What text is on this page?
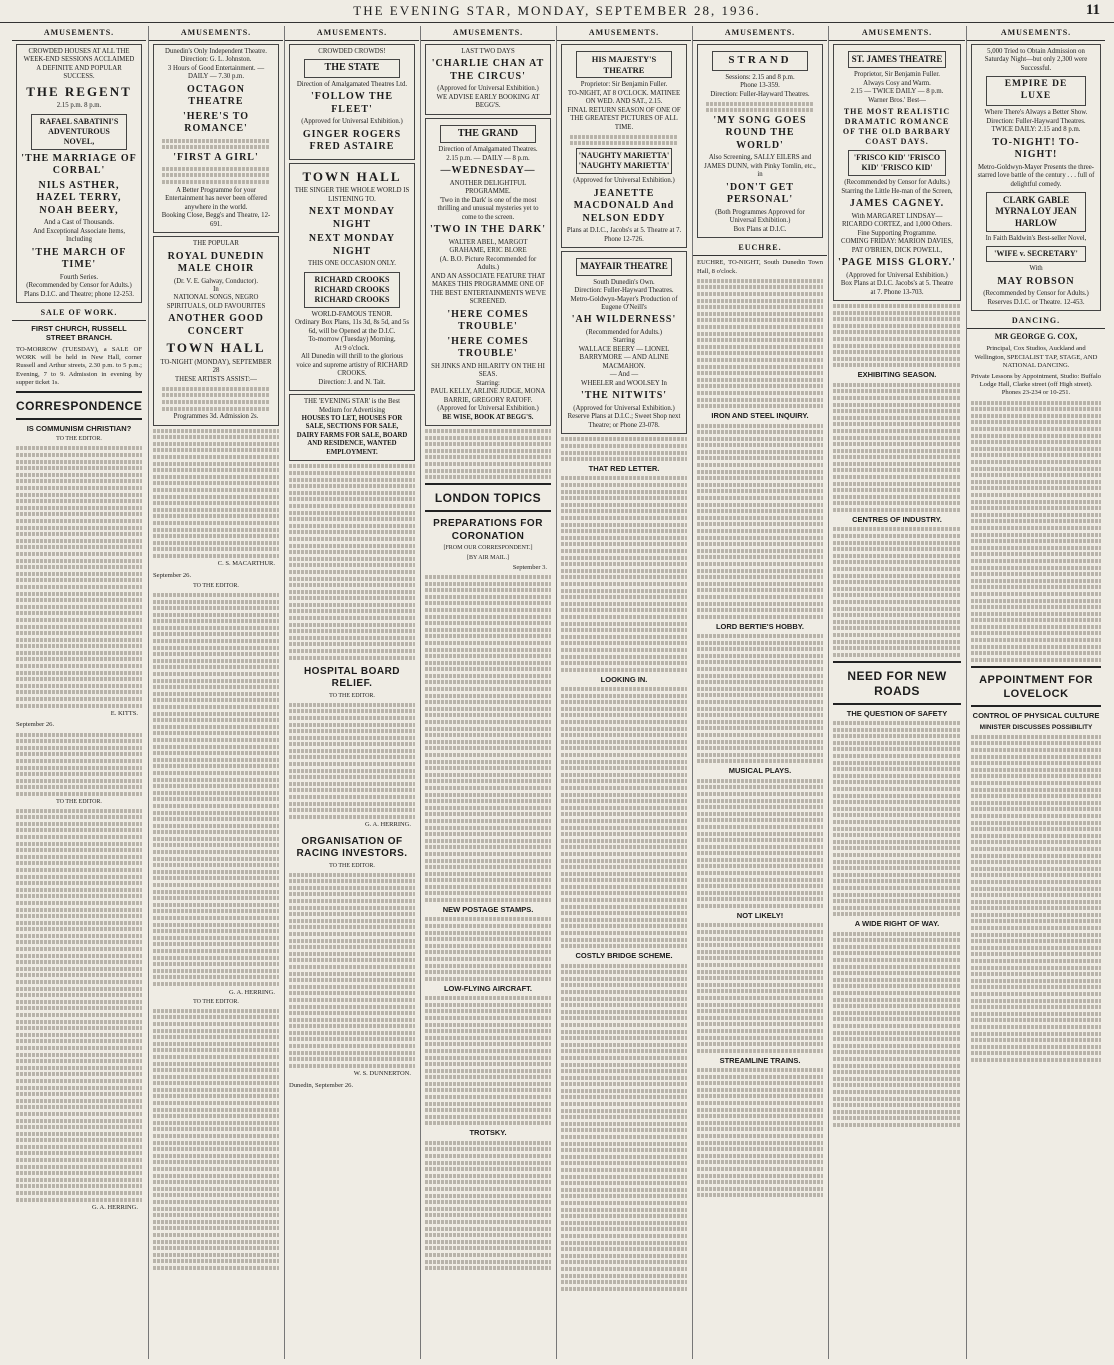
THE EVENING STAR, MONDAY, SEPTEMBER 28, 1936.	11
AMUSEMENTS.
CROWDED HOUSES AT ALL THE WEEK-END SESSIONS ACCLAIMED A DEFINITE AND POPULAR SUCCESS.
THE REGENT
2.15 p.m. 8 p.m.
RAFAEL SABATINI'S ADVENTUROUS NOVEL,
'THE MARRIAGE OF CORBAL'
NILS ASTHER, HAZEL TERRY, NOAH BEERY,
And a Cast of Thousands.
And Exceptional Associate Items, Including
'THE MARCH OF TIME'
Fourth Series.
(Recommended by Censor for Adults.)
Plans D.I.C. and Theatre; phone 12-253.
SALE OF WORK.
FIRST CHURCH, RUSSELL STREET BRANCH.
TO-MORROW (TUESDAY), a SALE OF WORK will be held in New Hall, corner Russell and Arthur streets, 2.30 p.m. to 5 p.m.; Evening, 7 to 9. Admission in evening by supper ticket 1s.
CORRESPONDENCE
IS COMMUNISM CHRISTIAN?
TO THE EDITOR.
E. KITTS.
September 26.
TO THE EDITOR.
G. A. HERRING.
AMUSEMENTS.
Dunedin's Only Independent Theatre. Direction: G. L. Johnston.
3 Hours of Good Entertainment. — DAILY — 7.30 p.m.
OCTAGON THEATRE
'HERE'S TO ROMANCE'
'FIRST A GIRL'
A Better Programme for your Entertainment has never been offered anywhere in the world.
Booking Close, Begg's and Theatre, 12-691.
THE POPULAR
ROYAL DUNEDIN MALE CHOIR
(Dr. V. E. Galway, Conductor).
In
NATIONAL SONGS, NEGRO SPIRITUALS, OLD FAVOURITES
ANOTHER GOOD CONCERT
TOWN HALL
TO-NIGHT (MONDAY), SEPTEMBER 28
THESE ARTISTS ASSIST:—
Programmes 3d. Admission 2s.
C. S. MACARTHUR.
September 26.
TO THE EDITOR.
G. A. HERRING.
TO THE EDITOR.
AMUSEMENTS.
CROWDED CROWDS!
THE STATE
Direction of Amalgamated Theatres Ltd.
'FOLLOW THE FLEET'
(Approved for Universal Exhibition.)
GINGER ROGERS FRED ASTAIRE
TOWN HALL
THE SINGER THE WHOLE WORLD IS LISTENING TO.
NEXT MONDAY NIGHT
NEXT MONDAY NIGHT
THIS ONE OCCASION ONLY.
RICHARD CROOKS
RICHARD CROOKS
RICHARD CROOKS
WORLD-FAMOUS TENOR.
Ordinary Box Plans, 11s 3d, 8s 5d, and 5s 6d, will be Opened at the D.I.C.
To-morrow (Tuesday) Morning,
At 9 o'clock.
All Dunedin will thrill to the glorious voice and supreme artistry of RICHARD CROOKS.
Direction: J. and N. Tait.
THE 'EVENING STAR' is the Best Medium for Advertising
HOUSES TO LET, HOUSES FOR SALE, SECTIONS FOR SALE, DAIRY FARMS FOR SALE, BOARD AND RESIDENCE, WANTED EMPLOYMENT.
HOSPITAL BOARD RELIEF.
TO THE EDITOR.
G. A. HERRING.
ORGANISATION OF RACING INVESTORS.
TO THE EDITOR.
W. S. DUNNERTON.
Dunedin, September 26.
AMUSEMENTS.
LAST TWO DAYS
'CHARLIE CHAN AT THE CIRCUS'
(Approved for Universal Exhibition.)
WE ADVISE EARLY BOOKING AT BEGG'S.
THE GRAND
Direction of Amalgamated Theatres.
2.15 p.m. — DAILY — 8 p.m.
—WEDNESDAY—
ANOTHER DELIGHTFUL PROGRAMME.
'Two in the Dark' is one of the most thrilling and unusual mysteries yet to come to the screen.
'TWO IN THE DARK'
WALTER ABEL, MARGOT GRAHAME, ERIC BLORE
(A. B.O. Picture Recommended for Adults.)
AND AN ASSOCIATE FEATURE THAT MAKES THIS PROGRAMME ONE OF THE BEST ENTERTAINMENTS WE'VE SCREENED.
'HERE COMES TROUBLE'
'HERE COMES TROUBLE'
SH JINKS AND HILARITY ON THE HI SEAS.
Starring:
PAUL KELLY, ARLINE JUDGE, MONA BARRIE, GREGORY RATOFF.
(Approved for Universal Exhibition.)
BE WISE, BOOK AT BEGG'S.
LONDON TOPICS
PREPARATIONS FOR CORONATION
[FROM OUR CORRESPONDENT.]
[BY AIR MAIL.]
September 3.
NEW POSTAGE STAMPS.
LOW-FLYING AIRCRAFT.
TROTSKY.
AMUSEMENTS.
HIS MAJESTY'S THEATRE
Proprietor: Sir Benjamin Fuller.
TO-NIGHT, AT 8 O'CLOCK. MATINEE ON WED. AND SAT., 2.15.
FINAL RETURN SEASON OF ONE OF THE GREATEST PICTURES OF ALL TIME.
'NAUGHTY MARIETTA' 'NAUGHTY MARIETTA'
(Approved for Universal Exhibition.)
JEANETTE MACDONALD And NELSON EDDY
Plans at D.I.C., Jacobs's at 5. Theatre at 7. Phone 12-726.
MAYFAIR THEATRE
South Dunedin's Own.
Direction: Fuller-Hayward Theatres.
Metro-Goldwyn-Mayer's Production of Eugene O'Neill's
'AH WILDERNESS'
(Recommended for Adults.)
Starring
WALLACE BEERY — LIONEL BARRYMORE — AND ALINE MACMAHON.
— And —
WHEELER and WOOLSEY In
'THE NITWITS'
(Approved for Universal Exhibition.)
Reserve Plans at D.I.C.; Sweet Shop next Theatre; or Phone 23-078.
THAT RED LETTER.
LOOKING IN.
COSTLY BRIDGE SCHEME.
AMUSEMENTS.
STRAND
Sessions: 2.15 and 8 p.m.
Phone 13-359.
Direction: Fuller-Hayward Theatres.
'MY SONG GOES ROUND THE WORLD'
Also Screening, SALLY EILERS and JAMES DUNN, with Pinky Tomlin, etc., in
'DON'T GET PERSONAL'
(Both Programmes Approved for Universal Exhibition.)
Box Plans at D.I.C.
EUCHRE.
EUCHRE, TO-NIGHT, South Dunedin Town Hall, 8 o'clock.
IRON AND STEEL INQUIRY.
LORD BERTIE'S HOBBY.
MUSICAL PLAYS.
NOT LIKELY!
STREAMLINE TRAINS.
AMUSEMENTS.
ST. JAMES THEATRE
Proprietor, Sir Benjamin Fuller.
Always Cosy and Warm.
2.15 — TWICE DAILY — 8 p.m.
Warner Bros.' Best—
THE MOST REALISTIC DRAMATIC ROMANCE OF THE OLD BARBARY COAST DAYS.
'FRISCO KID' 'FRISCO KID' 'FRISCO KID'
(Recommended by Censor for Adults.)
Starring the Little He-man of the Screen,
JAMES CAGNEY.
With MARGARET LINDSAY— RICARDO CORTEZ, and 1,000 Others.
Fine Supporting Programme.
COMING FRIDAY: MARION DAVIES, PAT O'BRIEN, DICK POWELL,
'PAGE MISS GLORY.'
(Approved for Universal Exhibition.)
Box Plans at D.I.C. Jacobs's at 5. Theatre at 7. Phone 13-703.
EXHIBITING SEASON.
CENTRES OF INDUSTRY.
NEED FOR NEW ROADS
THE QUESTION OF SAFETY
A WIDE RIGHT OF WAY.
AMUSEMENTS.
5,000 Tried to Obtain Admission on Saturday Night—but only 2,300 were Successful.
EMPIRE DE LUXE
Where There's Always a Better Show.
Direction: Fuller-Hayward Theatres.
TWICE DAILY: 2.15 and 8 p.m.
TO-NIGHT! TO-NIGHT!
Metro-Goldwyn-Mayer Presents the three-starred love battle of the century . . . full of delightful comedy.
CLARK GABLE MYRNA LOY JEAN HARLOW
In Faith Baldwin's Best-seller Novel,
'WIFE v. SECRETARY'
With
MAY ROBSON
(Recommended by Censor for Adults.)
Reserves D.I.C. or Theatre. 12-453.
DANCING.
MR GEORGE G. COX,
Principal, Cox Studios, Auckland and Wellington, SPECIALIST TAP, STAGE, AND NATIONAL DANCING.
Private Lessons by Appointment, Studio: Buffalo Lodge Hall, Clarke street (off High street). Phones 23-234 or 10-251.
APPOINTMENT FOR LOVELOCK
CONTROL OF PHYSICAL CULTURE
MINISTER DISCUSSES POSSIBILITY
